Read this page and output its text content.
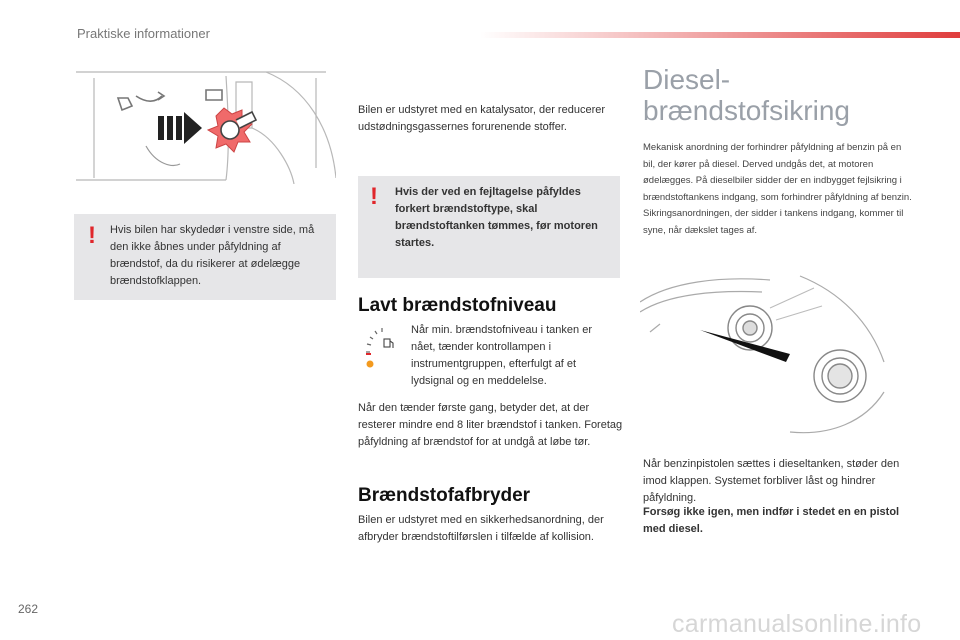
Praktiske informationer
! Hvis bilen har skydedør i venstre side, må den ikke åbnes under påfyldning af brændstof, da du risikerer at ødelægge brændstofklappen.
Bilen er udstyret med en katalysator, der reducerer udstødningsgassernes forurenende stoffer.
! Hvis der ved en fejltagelse påfyldes forkert brændstoftype, skal brændstoftanken tømmes, før motoren startes.
Lavt brændstofniveau
Når min. brændstofniveau i tanken er nået, tænder kontrollampen i instrumentgruppen, efterfulgt af et lydsignal og en meddelelse.
Når den tænder første gang, betyder det, at der resterer mindre end 8 liter brændstof i tanken. Foretag påfyldning af brændstof for at undgå at løbe tør.
Brændstofafbryder
Bilen er udstyret med en sikkerhedsanordning, der afbryder brændstoftilførslen i tilfælde af kollision.
Diesel-
brændstofsikring
Mekanisk anordning der forhindrer påfyldning af benzin på en bil, der kører på diesel. Derved undgås det, at motoren ødelægges. På dieselbiler sidder der en indbygget fejlsikring i brændstoftankens indgang, som forhindrer påfyldning af benzin. Sikringsanordningen, der sidder i tankens indgang, kommer til syne, når dækslet tages af.
Når benzinpistolen sættes i dieseltanken, støder den imod klappen. Systemet forbliver låst og hindrer påfyldning.
Forsøg ikke igen, men indfør i stedet en en pistol med diesel.
262
carmanualsonline.info
